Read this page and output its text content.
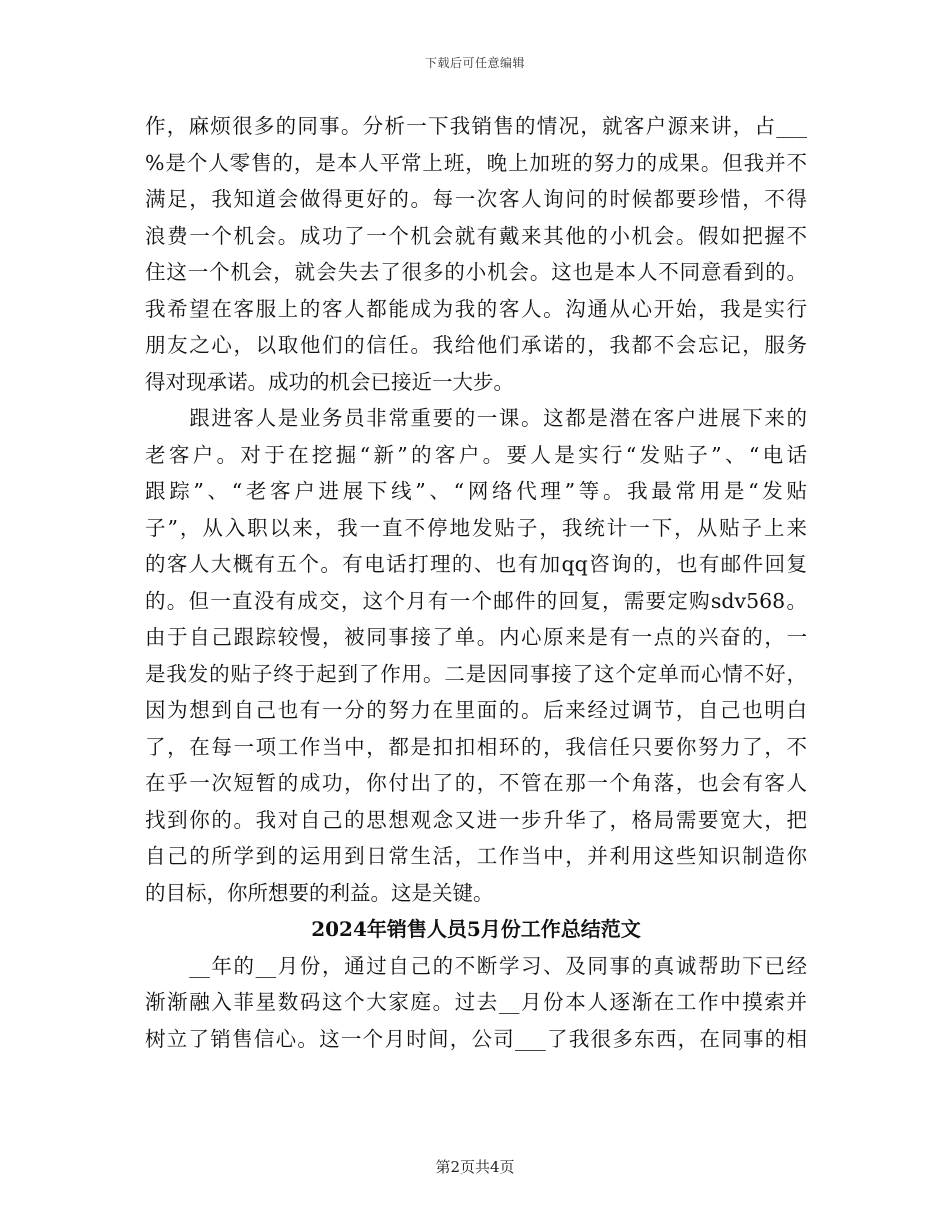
下载后可任意编辑
作，麻烦很多的同事。分析一下我销售的情况，就客户源来讲，占___
%是个人零售的，是本人平常上班，晚上加班的努力的成果。但我并不
满足，我知道会做得更好的。每一次客人询问的时候都要珍惜，不得
浪费一个机会。成功了一个机会就有戴来其他的小机会。假如把握不
住这一个机会，就会失去了很多的小机会。这也是本人不同意看到的。
我希望在客服上的客人都能成为我的客人。沟通从心开始，我是实行
朋友之心，以取他们的信任。我给他们承诺的，我都不会忘记，服务
得对现承诺。成功的机会已接近一大步。
　　跟进客人是业务员非常重要的一课。这都是潜在客户进展下来的
老客户。对于在挖掘“新”的客户。要人是实行“发贴子”、“电话
跟踪”、“老客户进展下线”、“网络代理”等。我最常用是“发贴
子”，从入职以来，我一直不停地发贴子，我统计一下，从贴子上来
的客人大概有五个。有电话打理的、也有加qq咨询的，也有邮件回复
的。但一直没有成交，这个月有一个邮件的回复，需要定购sdv568。
由于自己跟踪较慢，被同事接了单。内心原来是有一点的兴奋的，一
是我发的贴子终于起到了作用。二是因同事接了这个定单而心情不好，
因为想到自己也有一分的努力在里面的。后来经过调节，自己也明白
了，在每一项工作当中，都是扣扣相环的，我信任只要你努力了，不
在乎一次短暂的成功，你付出了的，不管在那一个角落，也会有客人
找到你的。我对自己的思想观念又进一步升华了，格局需要宽大，把
自己的所学到的运用到日常生活，工作当中，并利用这些知识制造你
的目标，你所想要的利益。这是关键。
2024年销售人员5月份工作总结范文
　　__年的__月份，通过自己的不断学习、及同事的真诚帮助下已经
渐渐融入菲星数码这个大家庭。过去__月份本人逐渐在工作中摸索并
树立了销售信心。这一个月时间，公司___了我很多东西，在同事的相
第2页共4页
